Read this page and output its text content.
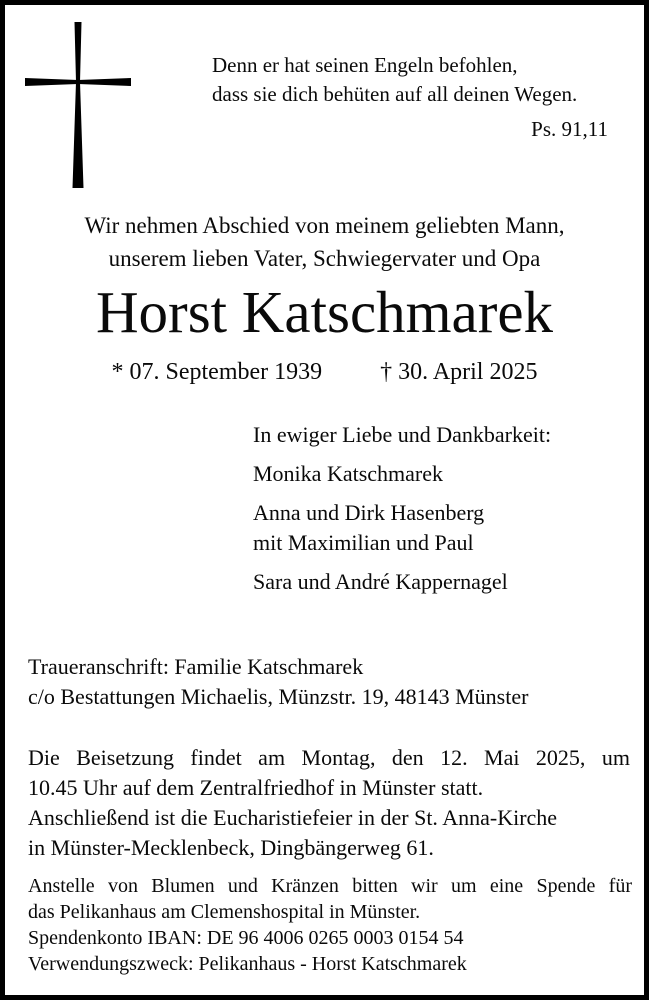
Denn er hat seinen Engeln befohlen,
dass sie dich behüten auf all deinen Wegen.
Ps. 91,11
Wir nehmen Abschied von meinem geliebten Mann,
unserem lieben Vater, Schwiegervater und Opa
Horst Katschmarek
* 07. September 1939 † 30. April 2025
In ewiger Liebe und Dankbarkeit:
Monika Katschmarek
Anna und Dirk Hasenberg
mit Maximilian und Paul
Sara und André Kappernagel
Traueranschrift: Familie Katschmarek
c/o Bestattungen Michaelis, Münzstr. 19, 48143 Münster
Die Beisetzung findet am Montag, den 12. Mai 2025, um
10.45 Uhr auf dem Zentralfriedhof in Münster statt.
Anschließend ist die Eucharistiefeier in der St. Anna-Kirche
in Münster-Mecklenbeck, Dingbängerweg 61.
Anstelle von Blumen und Kränzen bitten wir um eine Spende für
das Pelikanhaus am Clemenshospital in Münster.
Spendenkonto IBAN: DE 96 4006 0265 0003 0154 54
Verwendungszweck: Pelikanhaus - Horst Katschmarek
